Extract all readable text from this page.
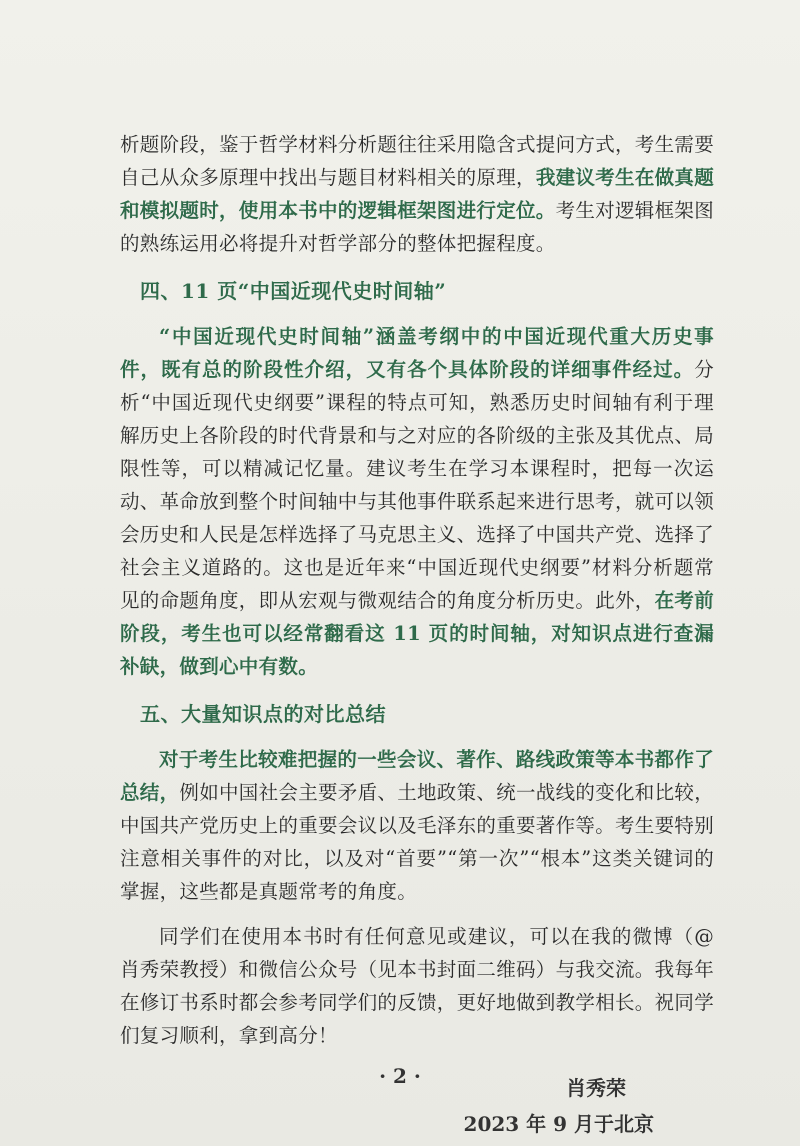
析题阶段，鉴于哲学材料分析题往往采用隐含式提问方式，考生需要自己从众多原理中找出与题目材料相关的原理，我建议考生在做真题和模拟题时，使用本书中的逻辑框架图进行定位。考生对逻辑框架图的熟练运用必将提升对哲学部分的整体把握程度。

四、11 页“中国近现代史时间轴”

“中国近现代史时间轴”涵盖考纲中的中国近现代重大历史事件，既有总的阶段性介绍，又有各个具体阶段的详细事件经过。分析“中国近现代史纲要”课程的特点可知，熟悉历史时间轴有利于理解历史上各阶段的时代背景和与之对应的各阶级的主张及其优点、局限性等，可以精减记忆量。建议考生在学习本课程时，把每一次运动、革命放到整个时间轴中与其他事件联系起来进行思考，就可以领会历史和人民是怎样选择了马克思主义、选择了中国共产党、选择了社会主义道路的。这也是近年来“中国近现代史纲要”材料分析题常见的命题角度，即从宏观与微观结合的角度分析历史。此外，在考前阶段，考生也可以经常翻看这 11 页的时间轴，对知识点进行查漏补缺，做到心中有数。

五、大量知识点的对比总结

对于考生比较难把握的一些会议、著作、路线政策等本书都作了总结，例如中国社会主要矛盾、土地政策、统一战线的变化和比较，中国共产党历史上的重要会议以及毛泽东的重要著作等。考生要特别注意相关事件的对比，以及对“首要”“第一次”“根本”这类关键词的掌握，这些都是真题常考的角度。

同学们在使用本书时有任何意见或建议，可以在我的微博（@ 肖秀荣教授）和微信公众号（见本书封面二维码）与我交流。我每年在修订书系时都会参考同学们的反馈，更好地做到教学相长。祝同学们复习顺利，拿到高分！

肖秀荣
2023 年 9 月于北京
· 2 ·
